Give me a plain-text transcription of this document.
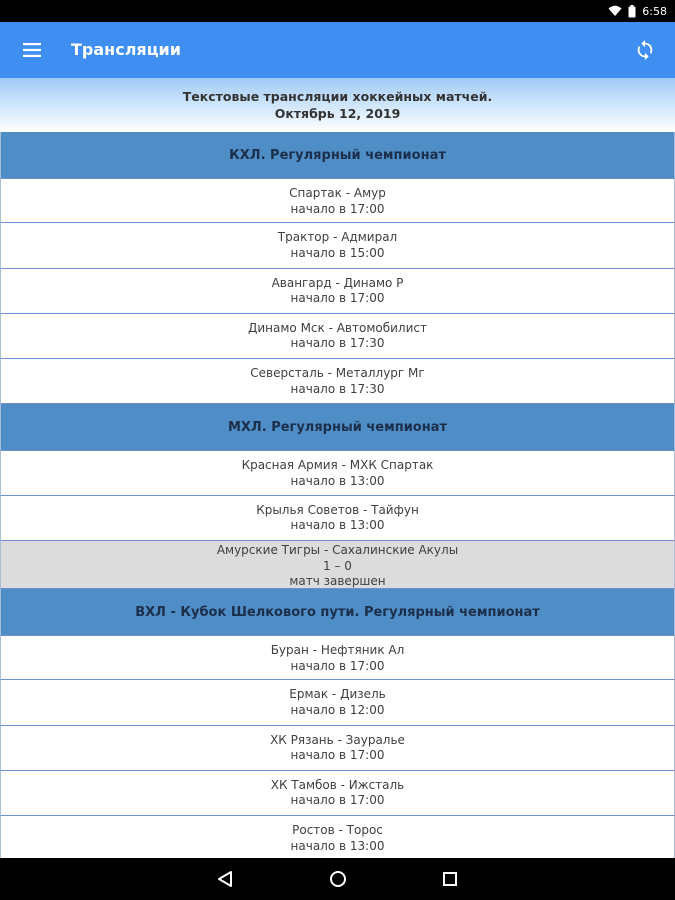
6:58
Трансляции
Текстовые трансляции хоккейных матчей.
Октябрь 12, 2019
КХЛ. Регулярный чемпионат
Спартак - Амур
начало в 17:00
Трактор - Адмирал
начало в 15:00
Авангард - Динамо Р
начало в 17:00
Динамо Мск - Автомобилист
начало в 17:30
Северсталь - Металлург Мг
начало в 17:30
МХЛ. Регулярный чемпионат
Красная Армия - МХК Спартак
начало в 13:00
Крылья Советов - Тайфун
начало в 13:00
Амурские Тигры - Сахалинские Акулы
1 – 0
матч завершен
ВХЛ - Кубок Шелкового пути. Регулярный чемпионат
Буран - Нефтяник Ал
начало в 17:00
Ермак - Дизель
начало в 12:00
ХК Рязань - Зауралье
начало в 17:00
ХК Тамбов - Ижсталь
начало в 17:00
Ростов - Торос
начало в 13:00
